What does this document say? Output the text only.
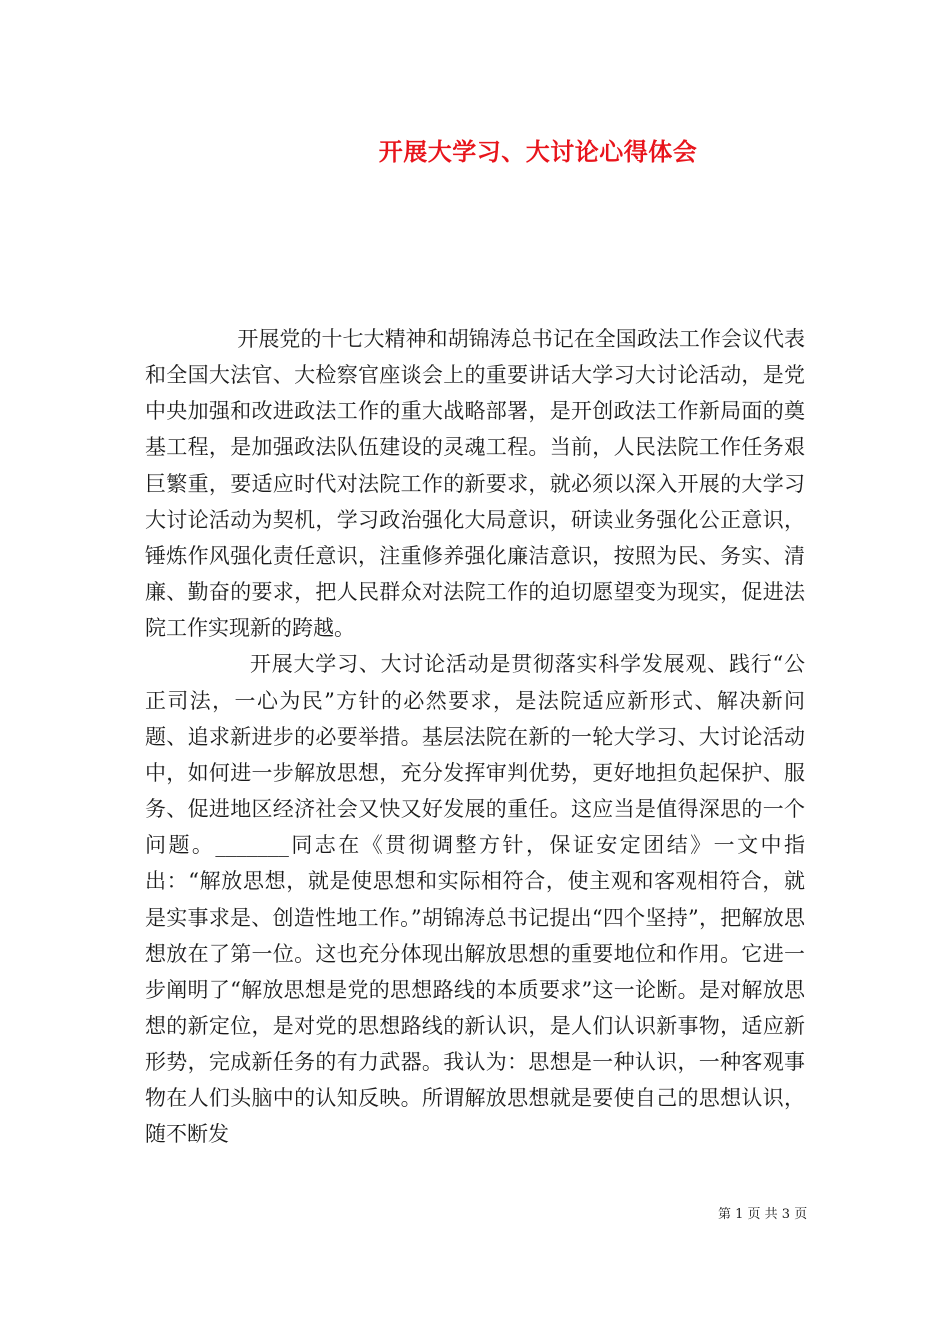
开展大学习、大讨论心得体会

开展党的十七大精神和胡锦涛总书记在全国政法工作会议代表和全国大法官、大检察官座谈会上的重要讲话大学习大讨论活动，是党中央加强和改进政法工作的重大战略部署，是开创政法工作新局面的奠基工程，是加强政法队伍建设的灵魂工程。当前，人民法院工作任务艰巨繁重，要适应时代对法院工作的新要求，就必须以深入开展的大学习大讨论活动为契机，学习政治强化大局意识，研读业务强化公正意识，锤炼作风强化责任意识，注重修养强化廉洁意识，按照为民、务实、清廉、勤奋的要求，把人民群众对法院工作的迫切愿望变为现实，促进法院工作实现新的跨越。

开展大学习、大讨论活动是贯彻落实科学发展观、践行“公正司法，一心为民”方针的必然要求，是法院适应新形式、解决新问题、追求新进步的必要举措。基层法院在新的一轮大学习、大讨论活动中，如何进一步解放思想，充分发挥审判优势，更好地担负起保护、服务、促进地区经济社会又快又好发展的重任。这应当是值得深思的一个问题。_______同志在《贯彻调整方针，保证安定团结》一文中指出：“解放思想，就是使思想和实际相符合，使主观和客观相符合，就是实事求是、创造性地工作。”胡锦涛总书记提出“四个坚持”，把解放思想放在了第一位。这也充分体现出解放思想的重要地位和作用。它进一步阐明了“解放思想是党的思想路线的本质要求”这一论断。是对解放思想的新定位，是对党的思想路线的新认识，是人们认识新事物，适应新形势，完成新任务的有力武器。我认为：思想是一种认识，一种客观事物在人们头脑中的认知反映。所谓解放思想就是要使自己的思想认识，随不断发

第 1 页 共 3 页
